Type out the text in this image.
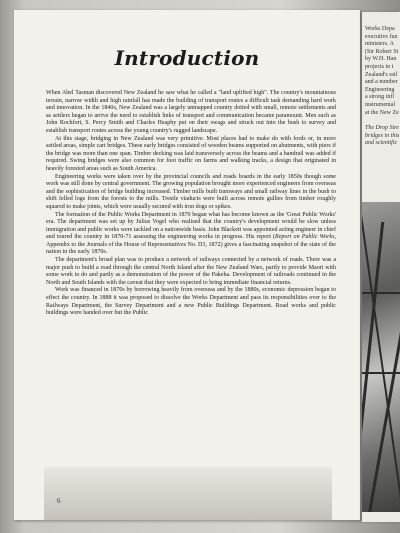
Introduction

When Abel Tasman discovered New Zealand he saw what he called a "land uplifted high". The country's mountainous terrain, narrow width and high rainfall has made the building of transport routes a difficult task demanding hard work and innovation. In the 1840s, New Zealand was a largely unmapped country dotted with small, remote settlements and as settlers began to arrive the need to establish links of transport and communication became paramount. Men such as John Rochfort, S. Percy Smith and Charles Heaphy put on their swags and struck out into the bush to survey and establish transport routes across the young country's rugged landscape.

At this stage, bridging in New Zealand was very primitive. Most places had to make do with fords or, in more settled areas, simple cart bridges. These early bridges consisted of wooden beams supported on abutments, with piers if the bridge was more than one span. Timber decking was laid transversely across the beams and a handrail was added if required. Swing bridges were also common for foot traffic on farms and walking tracks, a design that originated in heavily forested areas such as South America.

Engineering works were taken over by the provincial councils and roads boards in the early 1850s though some work was still done by central government. The growing population brought more experienced engineers from overseas and the sophistication of bridge building increased. Timber mills built tramways and small railway lines in the bush to shift felled logs from the forests to the mills. Trestle viaducts were built across remote gullies from timber roughly squared to make joints, which were usually secured with iron dogs or spikes.

The formation of the Public Works Department in 1870 began what has become known as the 'Great Public Works' era. The department was set up by Julius Vogel who realised that the country's development would be slow unless immigration and public works were tackled on a nationwide basis. John Blackett was appointed acting engineer in chief and toured the country in 1870-71 assessing the engineering works in progress. His report (Report on Public Works, Appendix to the Journals of the House of Representatives No. D3, 1872) gives a fascinating snapshot of the state of the nation in the early 1870s.

The department's broad plan was to produce a network of railways connected by a network of roads. There was a major push to build a road through the central North Island after the New Zealand Wars, partly to provide Maori with some work to do and partly as a demonstration of the power of the Pakeha. Development of railroads continued in the North and South Islands with the caveat that they were expected to bring immediate financial returns.

Work was financed in 1870s by borrowing heavily from overseas and by the 1880s, economic depression began to effect the country. In 1888 it was proposed to dissolve the Works Department and pass its responsibilities over to the Railways Department, the Survey Department and a new Public Buildings Department. Road works and public buildings were handed over but the Public

6
Works Depa
executive fun
ministers. A
(Sir Robert St
by W.H. Han
projects in t
Zealand's rail
and a number
Engineering
a strong infl
instrumental
at the New Ze
The Drop Stre
bridges in this
and scientific
